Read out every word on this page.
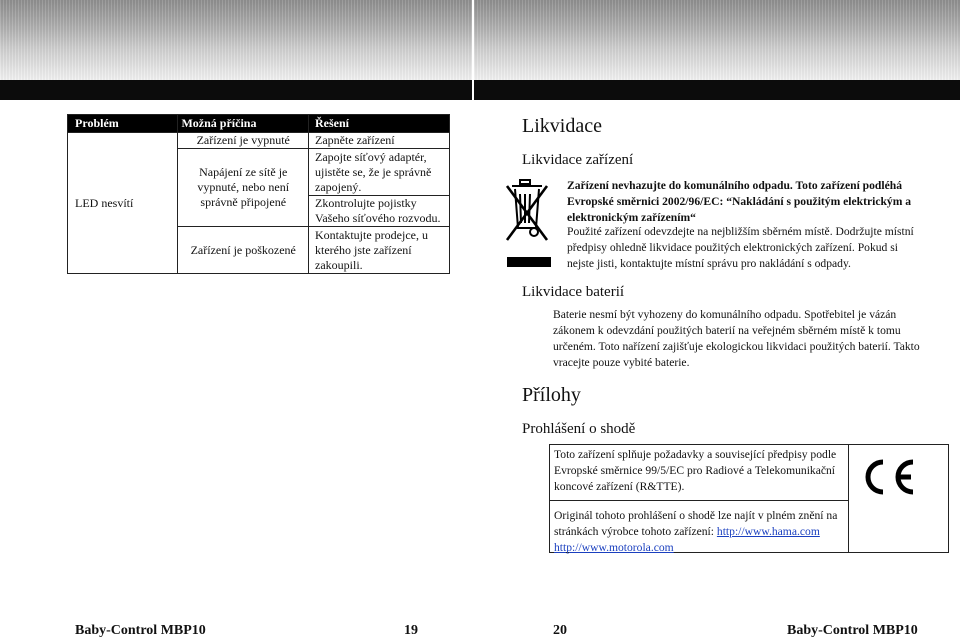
Problém	Možná příčina	Řešení
LED nesvítí	Zařízení je vypnuté	Zapněte zařízení
	Napájení ze sítě je vypnuté, nebo není správně připojené	Zapojte síťový adaptér, ujistěte se, že je správně zapojený.
		Zkontrolujte pojistky Vašeho síťového rozvodu.
	Zařízení je poškozené	Kontaktujte prodejce, u kterého jste zařízení zakoupili.

Likvidace
Likvidace zařízení
Zařízení nevhazujte do komunálního odpadu. Toto zařízení podléhá Evropské směrnici 2002/96/EC: “Nakládání s použitým elektrickým a elektronickým zařízením“
Použité zařízení odevzdejte na nejbližším sběrném místě. Dodržujte místní předpisy ohledně likvidace použitých elektronických zařízení. Pokud si nejste jisti, kontaktujte místní správu pro nakládání s odpady.
Likvidace baterií
Baterie nesmí být vyhozeny do komunálního odpadu. Spotřebitel je vázán zákonem k odevzdání použitých baterií na veřejném sběrném místě k tomu určeném. Toto nařízení zajišťuje ekologickou likvidaci použitých baterií. Takto vracejte pouze vybité baterie.
Přílohy
Prohlášení o shodě
Toto zařízení splňuje požadavky a související předpisy podle Evropské směrnice 99/5/EC pro Radiové a Telekomunikační koncové zařízení (R&TTE).
Originál tohoto prohlášení o shodě lze najít v plném znění na stránkách výrobce tohoto zařízení: http://www.hama.com
http://www.motorola.com
Baby-Control MBP10	19	20	Baby-Control MBP10
